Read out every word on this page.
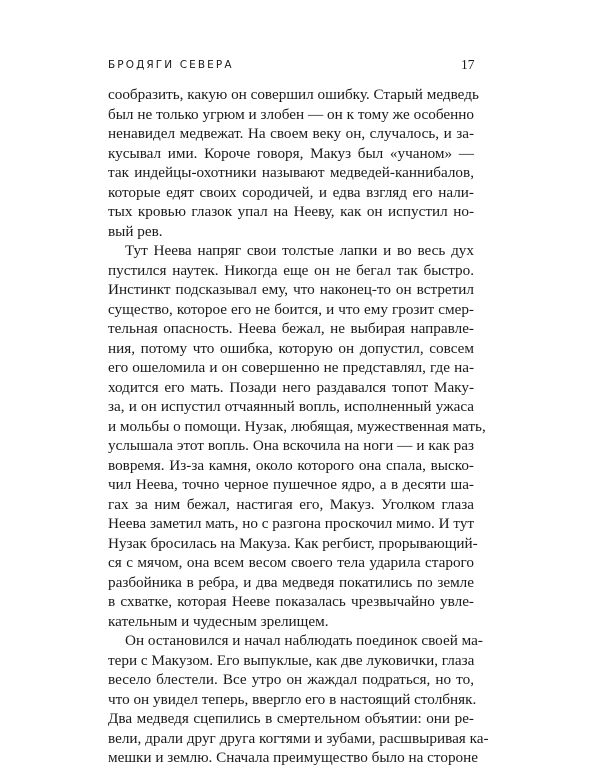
БРОДЯГИ СЕВЕРА	17
сообразить, какую он совершил ошибку. Старый медведь
был не только угрюм и злобен — он к тому же особенно
ненавидел медвежат. На своем веку он, случалось, и за-
кусывал ими. Короче говоря, Макуз был «учаном» —
так индейцы-охотники называют медведей-каннибалов,
которые едят своих сородичей, и едва взгляд его нали-
тых кровью глазок упал на Нееву, как он испустил но-
вый рев.
Тут Неева напряг свои толстые лапки и во весь дух
пустился наутек. Никогда еще он не бегал так быстро.
Инстинкт подсказывал ему, что наконец-то он встретил
существо, которое его не боится, и что ему грозит смер-
тельная опасность. Неева бежал, не выбирая направле-
ния, потому что ошибка, которую он допустил, совсем
его ошеломила и он совершенно не представлял, где на-
ходится его мать. Позади него раздавался топот Маку-
за, и он испустил отчаянный вопль, исполненный ужаса
и мольбы о помощи. Нузак, любящая, мужественная мать,
услышала этот вопль. Она вскочила на ноги — и как раз
вовремя. Из-за камня, около которого она спала, выско-
чил Неева, точно черное пушечное ядро, а в десяти ша-
гах за ним бежал, настигая его, Макуз. Уголком глаза
Неева заметил мать, но с разгона проскочил мимо. И тут
Нузак бросилась на Макуза. Как регбист, прорывающий-
ся с мячом, она всем весом своего тела ударила старого
разбойника в ребра, и два медведя покатились по земле
в схватке, которая Нееве показалась чрезвычайно увле-
кательным и чудесным зрелищем.
Он остановился и начал наблюдать поединок своей ма-
тери с Макузом. Его выпуклые, как две луковички, глаза
весело блестели. Все утро он жаждал подраться, но то,
что он увидел теперь, ввергло его в настоящий столбняк.
Два медведя сцепились в смертельном объятии: они ре-
вели, драли друг друга когтями и зубами, расшвыривая ка-
мешки и землю. Сначала преимущество было на стороне
